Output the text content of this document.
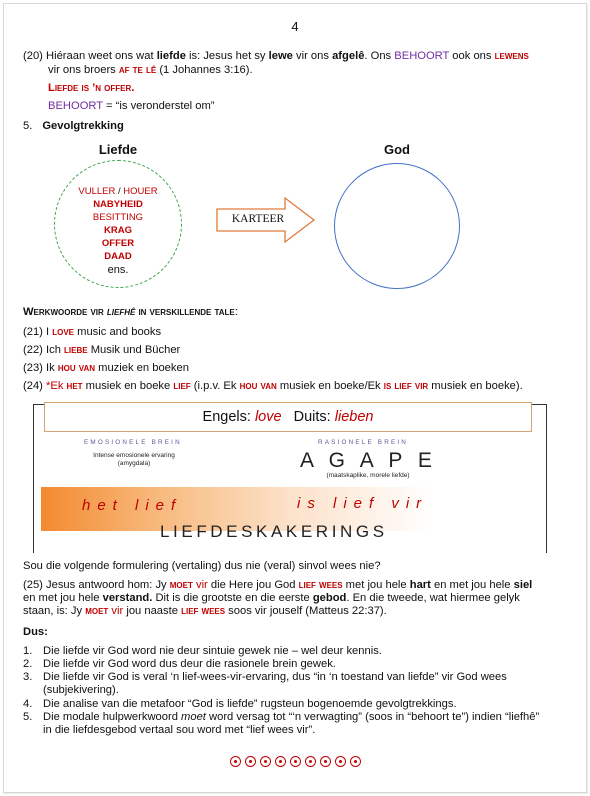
4
(20) Hiéraan weet ons wat liefde is: Jesus het sy lewe vir ons afgelê. Ons BEHOORT ook ons lewens
vir ons broers af te lê (1 Johannes 3:16).
Liefde is ’n offer.
BEHOORT = “is veronderstel om”
5. Gevolgtrekking
Liefde	God
VULLER / HOUER
NABYHEID
BESITTING
KRAG
OFFER
DAAD
ens.
KARTEER
Werkwoorde vir liefhê in verskillende tale:
(21) I love music and books
(22) Ich liebe Musik und Bücher
(23) Ik hou van muziek en boeken
(24) *Ek het musiek en boeke lief (i.p.v. Ek hou van musiek en boeke/Ek is lief vir musiek en boeke).
Engels: love   Duits: lieben
EMOSIONELE BREIN
Intense emosionele ervaring
(amygdala)
RASIONELE BREIN
A G A P E
(maatskaplike, morele liefde)
het lief	is lief vir
LIEFDESKAKERINGS
Sou die volgende formulering (vertaling) dus nie (veral) sinvol wees nie?
(25) Jesus antwoord hom: Jy moet vir die Here jou God lief wees met jou hele hart en met jou hele siel
en met jou hele verstand. Dit is die grootste en die eerste gebod. En die tweede, wat hiermee gelyk
staan, is: Jy moet vir jou naaste lief wees soos vir jouself (Matteus 22:37).
Dus:
1. Die liefde vir God word nie deur sintuie gewek nie – wel deur kennis.
2. Die liefde vir God word dus deur die rasionele brein gewek.
3. Die liefde vir God is veral ‘n lief-wees-vir-ervaring, dus “in ‘n toestand van liefde” vir God wees
(subjekivering).
4. Die analise van die metafoor “God is liefde” rugsteun bogenoemde gevolgtrekkings.
5. Die modale hulpwerkwoord moet word versag tot “‘n verwagting” (soos in “behoort te”) indien “liefhê”
in die liefdesgebod vertaal sou word met “lief wees vir”.
